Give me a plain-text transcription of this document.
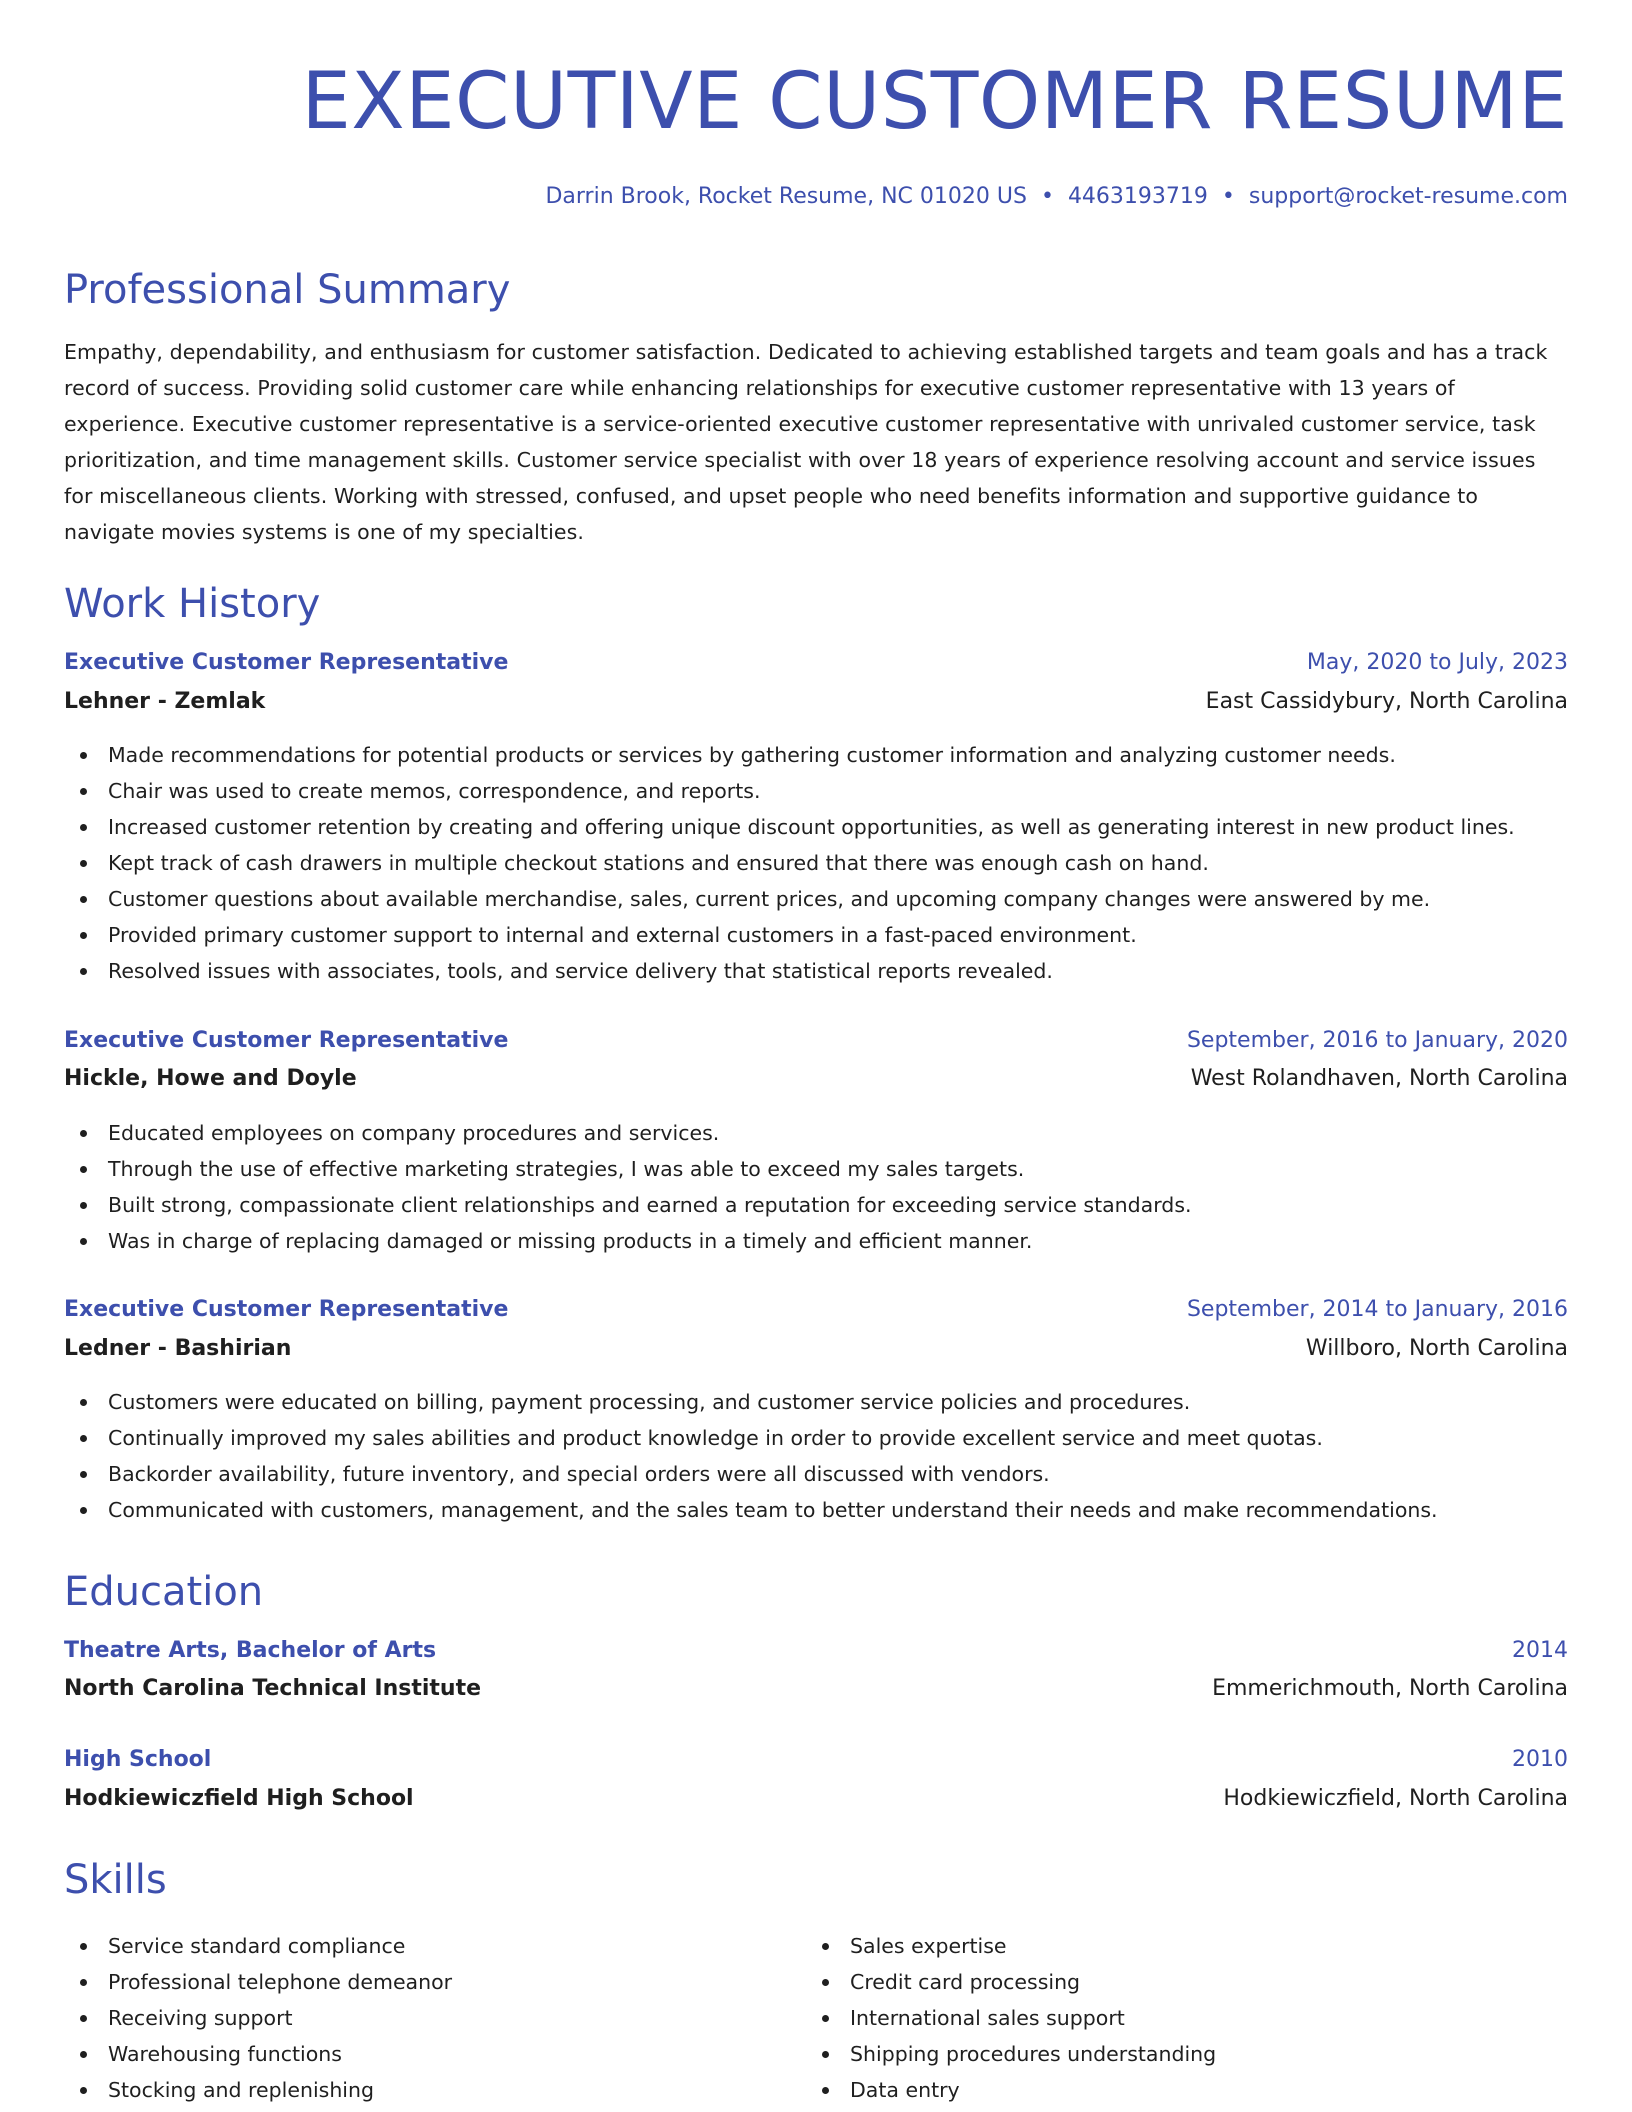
EXECUTIVE CUSTOMER RESUME
Darrin Brook, Rocket Resume, NC 01020 US • 4463193719 • support@rocket-resume.com
Professional Summary

Empathy, dependability, and enthusiasm for customer satisfaction. Dedicated to achieving established targets and team goals and has a track record of success. Providing solid customer care while enhancing relationships for executive customer representative with 13 years of experience. Executive customer representative is a service-oriented executive customer representative with unrivaled customer service, task prioritization, and time management skills. Customer service specialist with over 18 years of experience resolving account and service issues for miscellaneous clients. Working with stressed, confused, and upset people who need benefits information and supportive guidance to navigate movies systems is one of my specialties.

Work History
Executive Customer Representative	May, 2020 to July, 2023
Lehner - Zemlak	East Cassidybury, North Carolina
Made recommendations for potential products or services by gathering customer information and analyzing customer needs.
Chair was used to create memos, correspondence, and reports.
Increased customer retention by creating and offering unique discount opportunities, as well as generating interest in new product lines.
Kept track of cash drawers in multiple checkout stations and ensured that there was enough cash on hand.
Customer questions about available merchandise, sales, current prices, and upcoming company changes were answered by me.
Provided primary customer support to internal and external customers in a fast-paced environment.
Resolved issues with associates, tools, and service delivery that statistical reports revealed.
Executive Customer Representative	September, 2016 to January, 2020
Hickle, Howe and Doyle	West Rolandhaven, North Carolina
Educated employees on company procedures and services.
Through the use of effective marketing strategies, I was able to exceed my sales targets.
Built strong, compassionate client relationships and earned a reputation for exceeding service standards.
Was in charge of replacing damaged or missing products in a timely and efficient manner.
Executive Customer Representative	September, 2014 to January, 2016
Ledner - Bashirian	Willboro, North Carolina
Customers were educated on billing, payment processing, and customer service policies and procedures.
Continually improved my sales abilities and product knowledge in order to provide excellent service and meet quotas.
Backorder availability, future inventory, and special orders were all discussed with vendors.
Communicated with customers, management, and the sales team to better understand their needs and make recommendations.
Education
Theatre Arts, Bachelor of Arts	2014
North Carolina Technical Institute	Emmerichmouth, North Carolina
High School	2010
Hodkiewiczfield High School	Hodkiewiczfield, North Carolina
Skills
Service standard compliance
Professional telephone demeanor
Receiving support
Warehousing functions
Stocking and replenishing
Sales expertise
Credit card processing
International sales support
Shipping procedures understanding
Data entry
